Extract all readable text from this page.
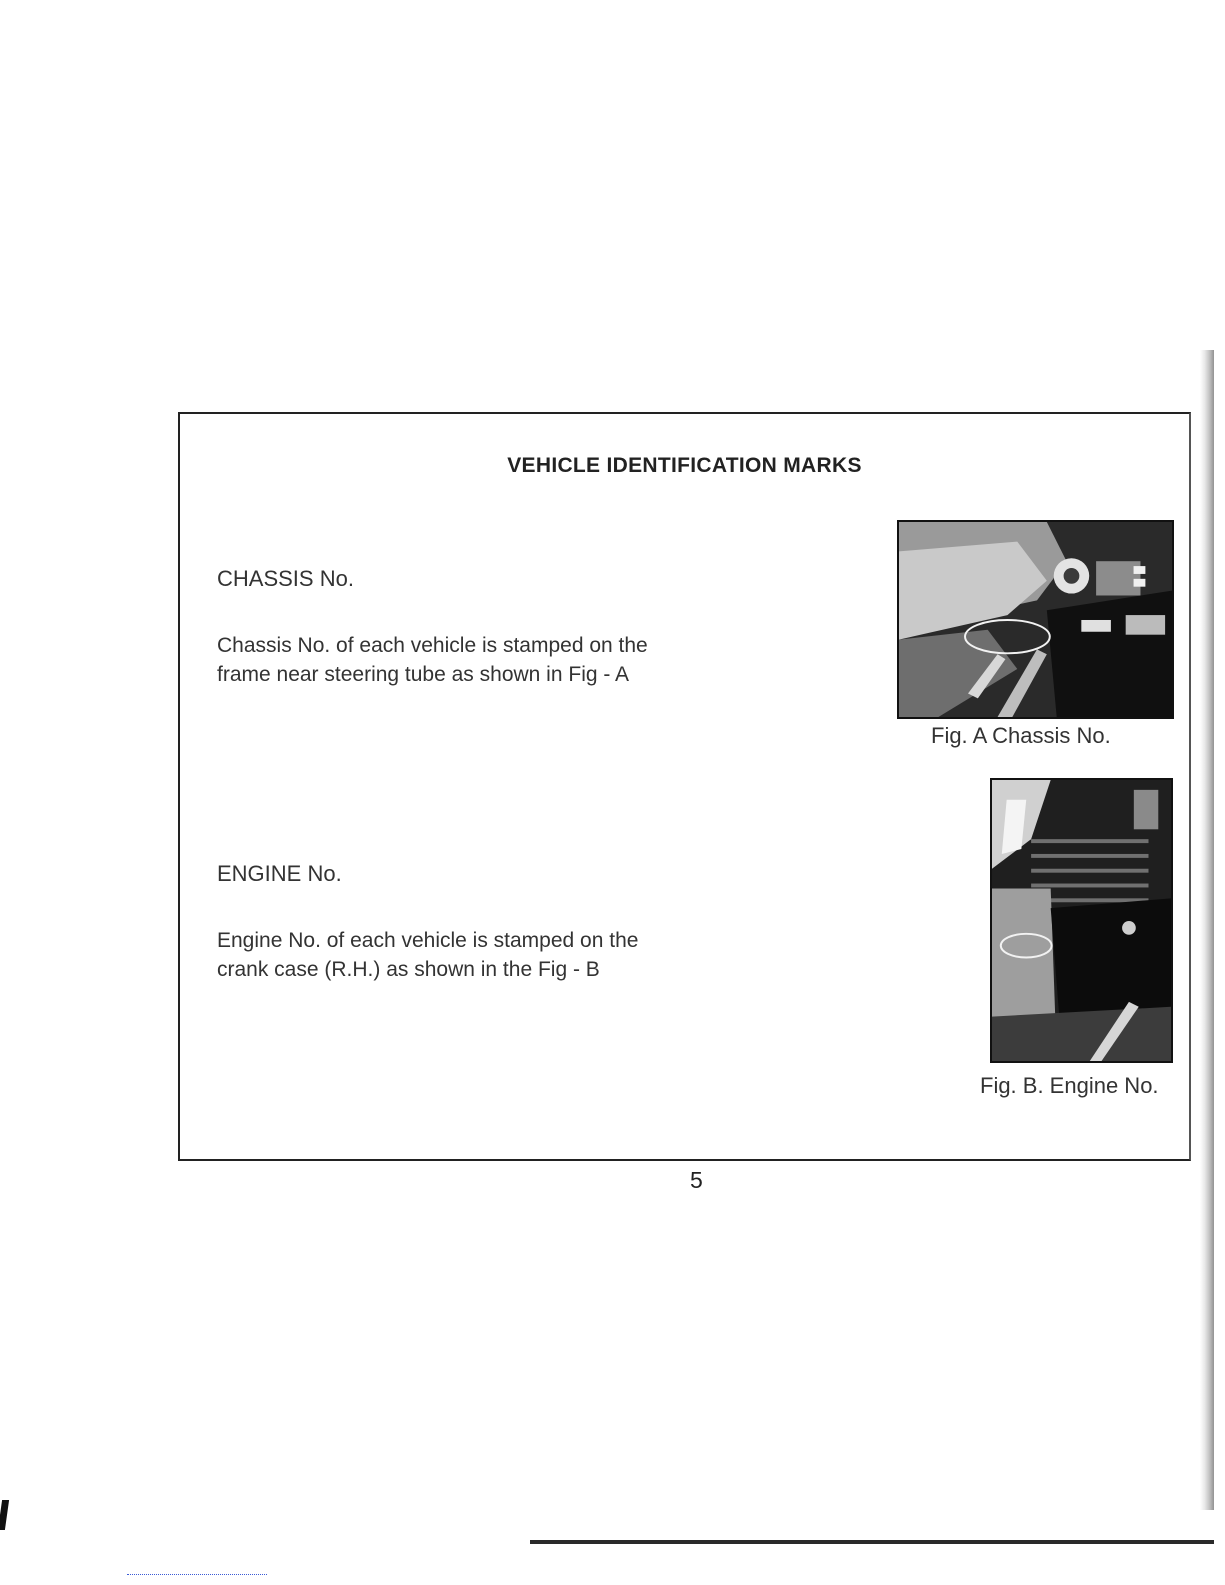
VEHICLE IDENTIFICATION MARKS
CHASSIS No.
Chassis No. of each vehicle is stamped on the
frame near steering tube as shown in Fig - A
Fig. A Chassis No.
ENGINE No.
Engine No. of each vehicle is stamped on the
crank case (R.H.) as shown in the Fig - B
Fig. B. Engine No.
5
